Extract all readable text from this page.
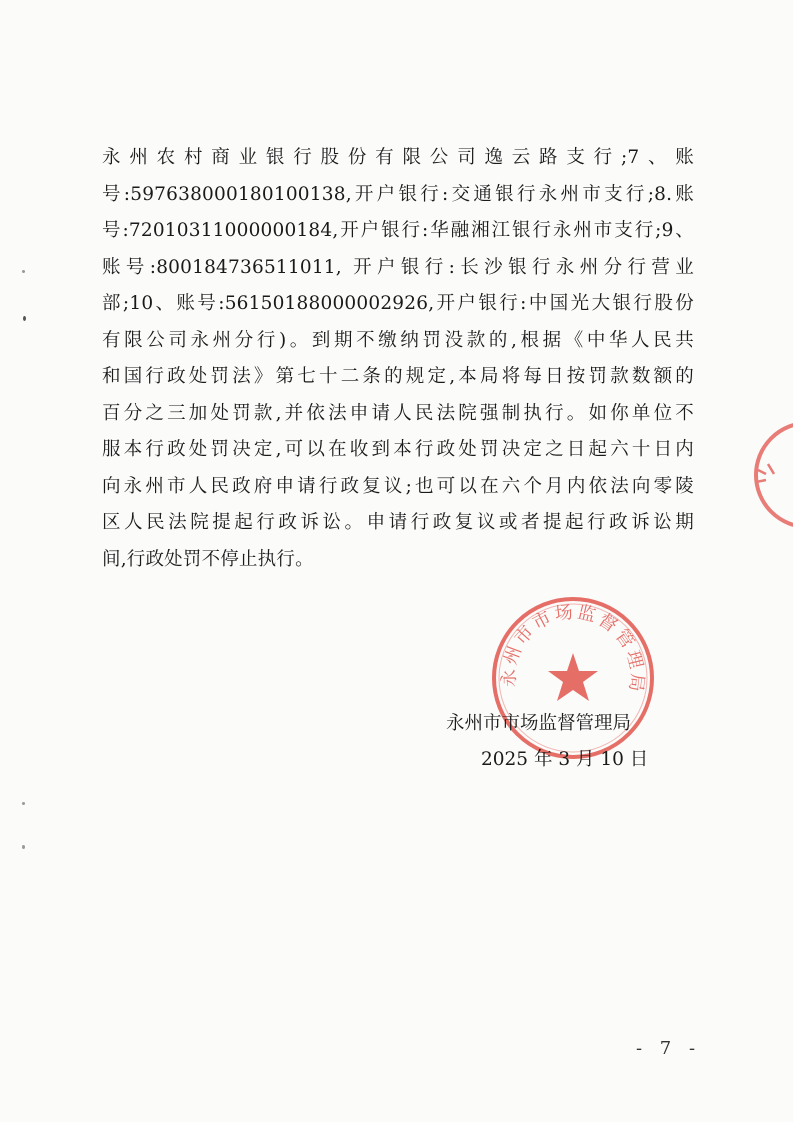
永州农村商业银行股份有限公司逸云路支行;7、账
号:597638000180100138,开户银行:交通银行永州市支行;8.账
号:72010311000000184,开户银行:华融湘江银行永州市支行;9、
账号:800184736511011, 开户银行:长沙银行永州分行营业
部;10、账号:56150188000002926,开户银行:中国光大银行股份
有限公司永州分行)。到期不缴纳罚没款的,根据《中华人民共
和国行政处罚法》第七十二条的规定,本局将每日按罚款数额的
百分之三加处罚款,并依法申请人民法院强制执行。如你单位不
服本行政处罚决定,可以在收到本行政处罚决定之日起六十日内
向永州市人民政府申请行政复议;也可以在六个月内依法向零陵
区人民法院提起行政诉讼。申请行政复议或者提起行政诉讼期
间,行政处罚不停止执行。
永州市市场监督管理局
永州市市场监督管理局
2025 年 3 月 10 日
- 7 -
